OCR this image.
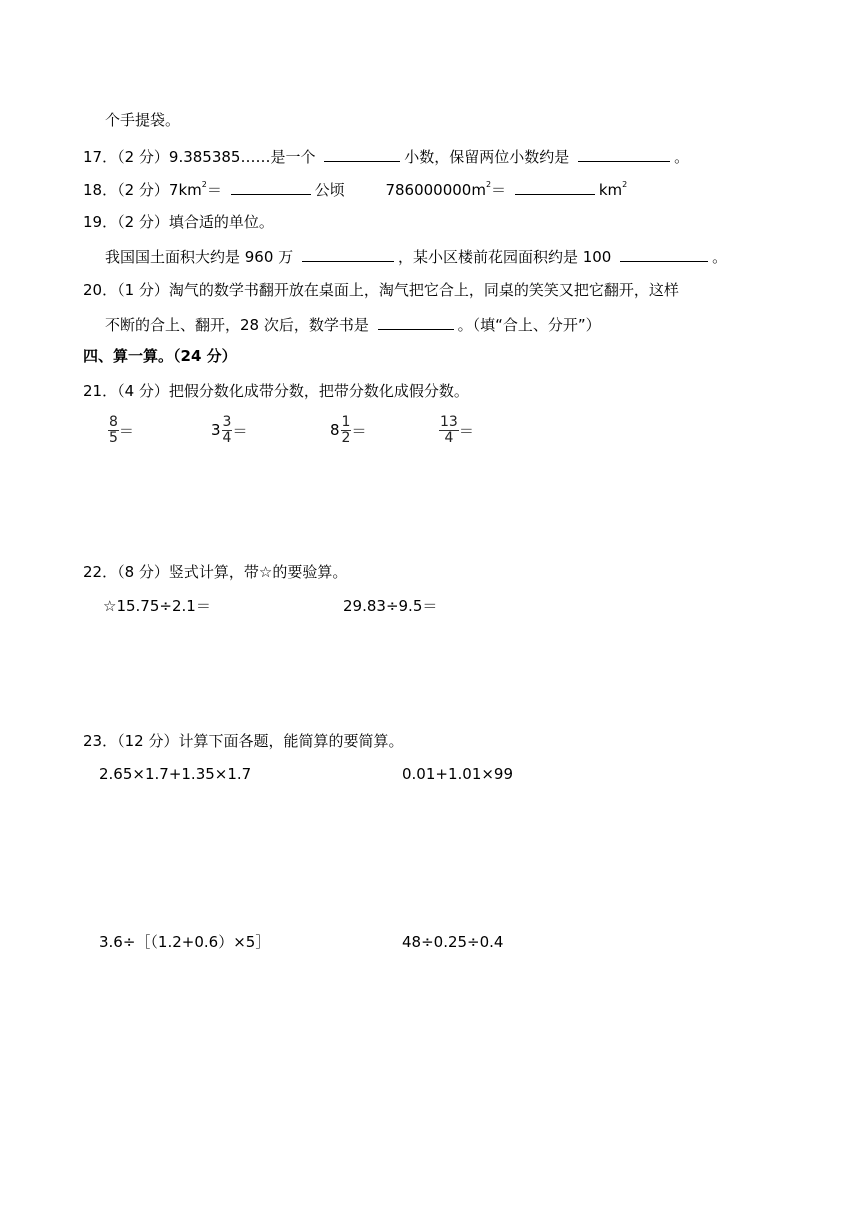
个手提袋。
17．（2 分）9.385385……是一个	小数，保留两位小数约是	。
18．（2 分）$7km^2=$	公顷	$786000000m^2=$	$km^2$
19．（2 分）填合适的单位。
我国国土面积大约是 960 万	，某小区楼前花园面积约是 100	。
20．（1 分）淘气的数学书翻开放在桌面上，淘气把它合上，同桌的笑笑又把它翻开，这样
不断的合上、翻开，28 次后，数学书是	。（填“合上、分开”）
四、算一算。（24 分）
21．（4 分）把假分数化成带分数，把带分数化成假分数。
$\frac{8}{5}$ ＝	$3 \frac{3}{4}$ ＝	$8 \frac{1}{2}$ ＝	$\frac{13}{4}$ ＝
22．（8 分）竖式计算，带☆的要验算。
☆15.75÷2.1＝	29.83÷9.5＝
23．（12 分）计算下面各题，能简算的要简算。
2.65×1.7+1.35×1.7	0.01+1.01×99
3.6÷［（1.2+0.6）×5］	48÷0.25÷0.4
